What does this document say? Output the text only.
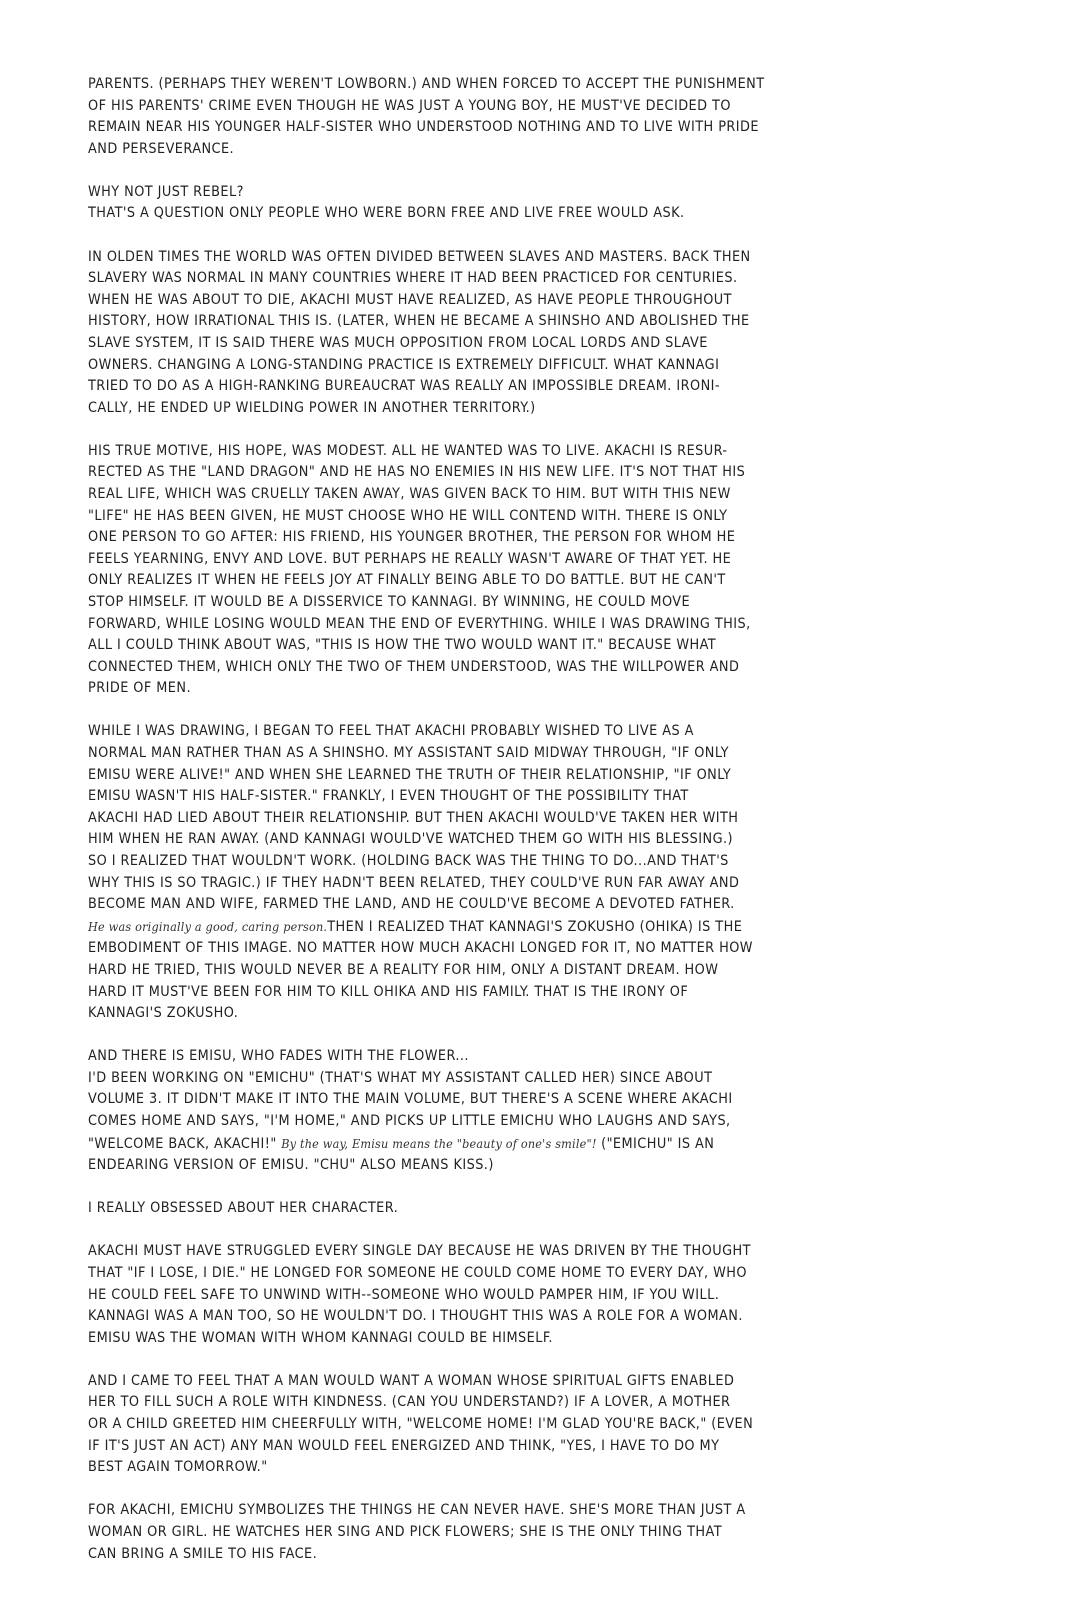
PARENTS. (PERHAPS THEY WEREN'T LOWBORN.) AND WHEN FORCED TO ACCEPT THE PUNISHMENT
OF HIS PARENTS' CRIME EVEN THOUGH HE WAS JUST A YOUNG BOY, HE MUST'VE DECIDED TO
REMAIN NEAR HIS YOUNGER HALF-SISTER WHO UNDERSTOOD NOTHING AND TO LIVE WITH PRIDE
AND PERSEVERANCE.

WHY NOT JUST REBEL?
THAT'S A QUESTION ONLY PEOPLE WHO WERE BORN FREE AND LIVE FREE WOULD ASK.

IN OLDEN TIMES THE WORLD WAS OFTEN DIVIDED BETWEEN SLAVES AND MASTERS. BACK THEN
SLAVERY WAS NORMAL IN MANY COUNTRIES WHERE IT HAD BEEN PRACTICED FOR CENTURIES.
WHEN HE WAS ABOUT TO DIE, AKACHI MUST HAVE REALIZED, AS HAVE PEOPLE THROUGHOUT
HISTORY, HOW IRRATIONAL THIS IS. (LATER, WHEN HE BECAME A SHINSHO AND ABOLISHED THE
SLAVE SYSTEM, IT IS SAID THERE WAS MUCH OPPOSITION FROM LOCAL LORDS AND SLAVE
OWNERS. CHANGING A LONG-STANDING PRACTICE IS EXTREMELY DIFFICULT. WHAT KANNAGI
TRIED TO DO AS A HIGH-RANKING BUREAUCRAT WAS REALLY AN IMPOSSIBLE DREAM. IRONI-
CALLY, HE ENDED UP WIELDING POWER IN ANOTHER TERRITORY.)

HIS TRUE MOTIVE, HIS HOPE, WAS MODEST. ALL HE WANTED WAS TO LIVE. AKACHI IS RESUR-
RECTED AS THE "LAND DRAGON" AND HE HAS NO ENEMIES IN HIS NEW LIFE. IT'S NOT THAT HIS
REAL LIFE, WHICH WAS CRUELLY TAKEN AWAY, WAS GIVEN BACK TO HIM. BUT WITH THIS NEW
"LIFE" HE HAS BEEN GIVEN, HE MUST CHOOSE WHO HE WILL CONTEND WITH. THERE IS ONLY
ONE PERSON TO GO AFTER: HIS FRIEND, HIS YOUNGER BROTHER, THE PERSON FOR WHOM HE
FEELS YEARNING, ENVY AND LOVE. BUT PERHAPS HE REALLY WASN'T AWARE OF THAT YET. HE
ONLY REALIZES IT WHEN HE FEELS JOY AT FINALLY BEING ABLE TO DO BATTLE. BUT HE CAN'T
STOP HIMSELF. IT WOULD BE A DISSERVICE TO KANNAGI. BY WINNING, HE COULD MOVE
FORWARD, WHILE LOSING WOULD MEAN THE END OF EVERYTHING. WHILE I WAS DRAWING THIS,
ALL I COULD THINK ABOUT WAS, "THIS IS HOW THE TWO WOULD WANT IT." BECAUSE WHAT
CONNECTED THEM, WHICH ONLY THE TWO OF THEM UNDERSTOOD, WAS THE WILLPOWER AND
PRIDE OF MEN.

WHILE I WAS DRAWING, I BEGAN TO FEEL THAT AKACHI PROBABLY WISHED TO LIVE AS A
NORMAL MAN RATHER THAN AS A SHINSHO. MY ASSISTANT SAID MIDWAY THROUGH, "IF ONLY
EMISU WERE ALIVE!" AND WHEN SHE LEARNED THE TRUTH OF THEIR RELATIONSHIP, "IF ONLY
EMISU WASN'T HIS HALF-SISTER." FRANKLY, I EVEN THOUGHT OF THE POSSIBILITY THAT
AKACHI HAD LIED ABOUT THEIR RELATIONSHIP. BUT THEN AKACHI WOULD'VE TAKEN HER WITH
HIM WHEN HE RAN AWAY. (AND KANNAGI WOULD'VE WATCHED THEM GO WITH HIS BLESSING.)
SO I REALIZED THAT WOULDN'T WORK. (HOLDING BACK WAS THE THING TO DO...AND THAT'S
WHY THIS IS SO TRAGIC.) IF THEY HADN'T BEEN RELATED, THEY COULD'VE RUN FAR AWAY AND
BECOME MAN AND WIFE, FARMED THE LAND, AND HE COULD'VE BECOME A DEVOTED FATHER.
He was originally a good, caring person.THEN I REALIZED THAT KANNAGI'S ZOKUSHO (OHIKA) IS THE
EMBODIMENT OF THIS IMAGE. NO MATTER HOW MUCH AKACHI LONGED FOR IT, NO MATTER HOW
HARD HE TRIED, THIS WOULD NEVER BE A REALITY FOR HIM, ONLY A DISTANT DREAM. HOW
HARD IT MUST'VE BEEN FOR HIM TO KILL OHIKA AND HIS FAMILY. THAT IS THE IRONY OF
KANNAGI'S ZOKUSHO.

AND THERE IS EMISU, WHO FADES WITH THE FLOWER...
I'D BEEN WORKING ON "EMICHU" (THAT'S WHAT MY ASSISTANT CALLED HER) SINCE ABOUT
VOLUME 3. IT DIDN'T MAKE IT INTO THE MAIN VOLUME, BUT THERE'S A SCENE WHERE AKACHI
COMES HOME AND SAYS, "I'M HOME," AND PICKS UP LITTLE EMICHU WHO LAUGHS AND SAYS,
"WELCOME BACK, AKACHI!" By the way, Emisu means the "beauty of one's smile"! ("EMICHU" IS AN
ENDEARING VERSION OF EMISU. "CHU" ALSO MEANS KISS.)

I REALLY OBSESSED ABOUT HER CHARACTER.

AKACHI MUST HAVE STRUGGLED EVERY SINGLE DAY BECAUSE HE WAS DRIVEN BY THE THOUGHT
THAT "IF I LOSE, I DIE." HE LONGED FOR SOMEONE HE COULD COME HOME TO EVERY DAY, WHO
HE COULD FEEL SAFE TO UNWIND WITH--SOMEONE WHO WOULD PAMPER HIM, IF YOU WILL.
KANNAGI WAS A MAN TOO, SO HE WOULDN'T DO. I THOUGHT THIS WAS A ROLE FOR A WOMAN.
EMISU WAS THE WOMAN WITH WHOM KANNAGI COULD BE HIMSELF.

AND I CAME TO FEEL THAT A MAN WOULD WANT A WOMAN WHOSE SPIRITUAL GIFTS ENABLED
HER TO FILL SUCH A ROLE WITH KINDNESS. (CAN YOU UNDERSTAND?) IF A LOVER, A MOTHER
OR A CHILD GREETED HIM CHEERFULLY WITH, "WELCOME HOME! I'M GLAD YOU'RE BACK," (EVEN
IF IT'S JUST AN ACT) ANY MAN WOULD FEEL ENERGIZED AND THINK, "YES, I HAVE TO DO MY
BEST AGAIN TOMORROW."

FOR AKACHI, EMICHU SYMBOLIZES THE THINGS HE CAN NEVER HAVE. SHE'S MORE THAN JUST A
WOMAN OR GIRL. HE WATCHES HER SING AND PICK FLOWERS; SHE IS THE ONLY THING THAT
CAN BRING A SMILE TO HIS FACE.
